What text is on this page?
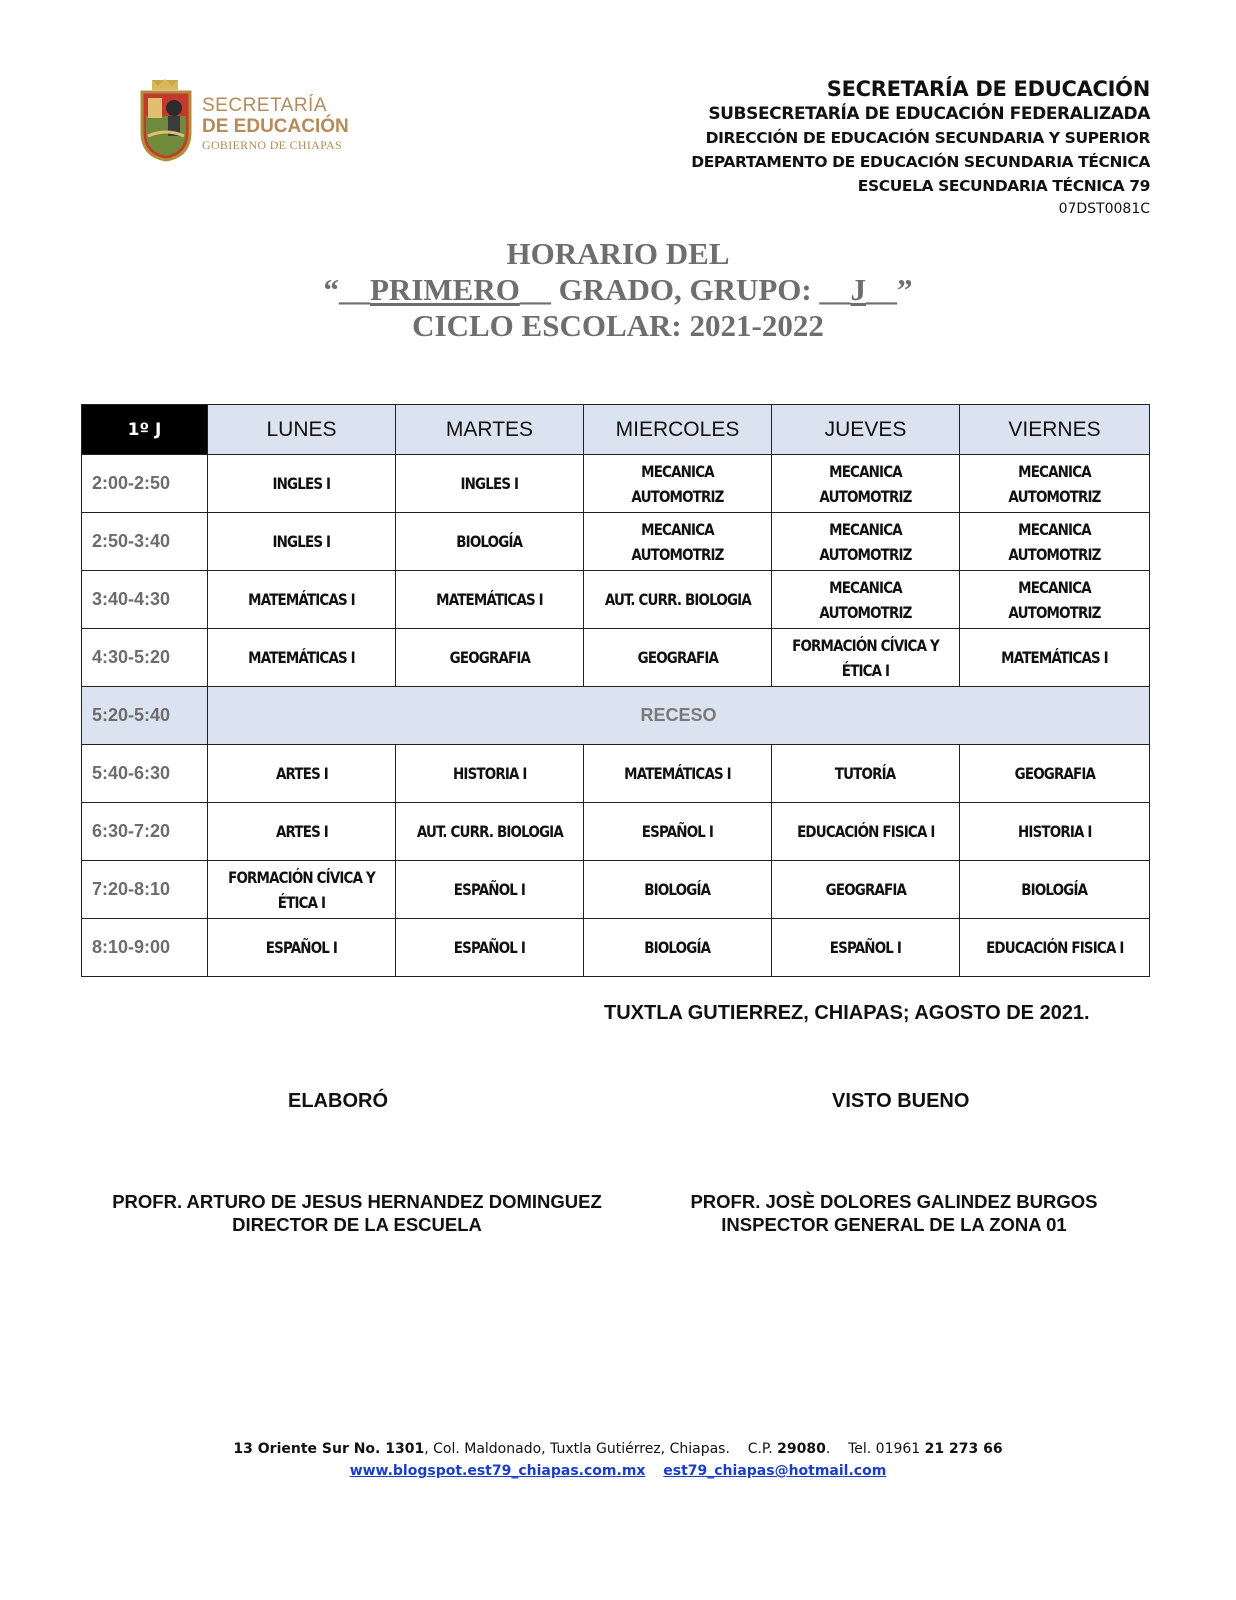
SECRETARÍA
DE EDUCACIÓN
GOBIERNO DE CHIAPAS
SECRETARÍA DE EDUCACIÓN
SUBSECRETARÍA DE EDUCACIÓN FEDERALIZADA
DIRECCIÓN DE EDUCACIÓN SECUNDARIA Y SUPERIOR
DEPARTAMENTO DE EDUCACIÓN SECUNDARIA TÉCNICA
ESCUELA SECUNDARIA TÉCNICA 79
07DST0081C
HORARIO DEL
“__PRIMERO__ GRADO, GRUPO: __J__”
CICLO ESCOLAR: 2021-2022
1º J	LUNES	MARTES	MIERCOLES	JUEVES	VIERNES
2:00-2:50	INGLES I	INGLES I	MECANICA AUTOMOTRIZ	MECANICA AUTOMOTRIZ	MECANICA AUTOMOTRIZ
2:50-3:40	INGLES I	BIOLOGÍA	MECANICA AUTOMOTRIZ	MECANICA AUTOMOTRIZ	MECANICA AUTOMOTRIZ
3:40-4:30	MATEMÁTICAS I	MATEMÁTICAS I	AUT. CURR. BIOLOGIA	MECANICA AUTOMOTRIZ	MECANICA AUTOMOTRIZ
4:30-5:20	MATEMÁTICAS I	GEOGRAFIA	GEOGRAFIA	FORMACIÓN CÍVICA Y ÉTICA I	MATEMÁTICAS I
5:20-5:40	RECESO				
5:40-6:30	ARTES I	HISTORIA I	MATEMÁTICAS I	TUTORÍA	GEOGRAFIA
6:30-7:20	ARTES I	AUT. CURR. BIOLOGIA	ESPAÑOL I	EDUCACIÓN FISICA I	HISTORIA I
7:20-8:10	FORMACIÓN CÍVICA Y ÉTICA I	ESPAÑOL I	BIOLOGÍA	GEOGRAFIA	BIOLOGÍA
8:10-9:00	ESPAÑOL I	ESPAÑOL I	BIOLOGÍA	ESPAÑOL I	EDUCACIÓN FISICA I
TUXTLA GUTIERREZ, CHIAPAS; AGOSTO DE 2021.
ELABORÓ	VISTO BUENO
PROFR. ARTURO DE JESUS HERNANDEZ DOMINGUEZ
DIRECTOR DE LA ESCUELA
PROFR. JOSÈ DOLORES GALINDEZ BURGOS
INSPECTOR GENERAL DE LA ZONA 01
13 Oriente Sur No. 1301, Col. Maldonado, Tuxtla Gutiérrez, Chiapas.    C.P. 29080.    Tel. 01961 21 273 66
www.blogspot.est79_chiapas.com.mx est79_chiapas@hotmail.com
